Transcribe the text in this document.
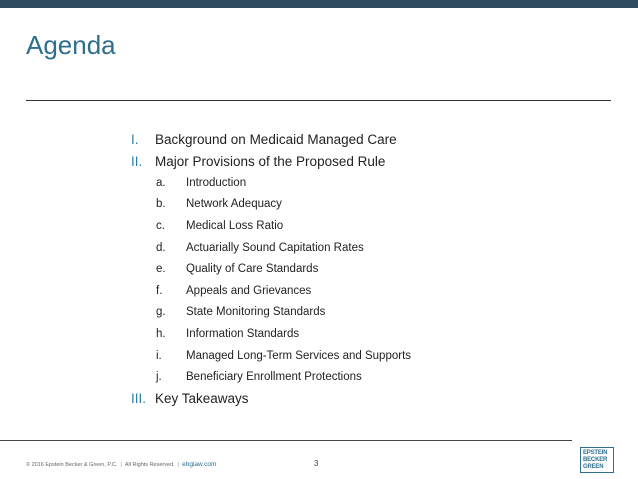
Agenda
I.	Background on Medicaid Managed Care
II. Major Provisions of the Proposed Rule
a.	Introduction
b.	Network Adequacy
c.	Medical Loss Ratio
d.	Actuarially Sound Capitation Rates
e.	Quality of Care Standards
f.	Appeals and Grievances
g.	State Monitoring Standards
h.	Information Standards
i.	Managed Long-Term Services and Supports
j.	Beneficiary Enrollment Protections
III. Key Takeaways
© 2016 Epstein Becker & Green, P.C. | All Rights Reserved. | ebglaw.com	3
EPSTEIN
BECKER
GREEN
